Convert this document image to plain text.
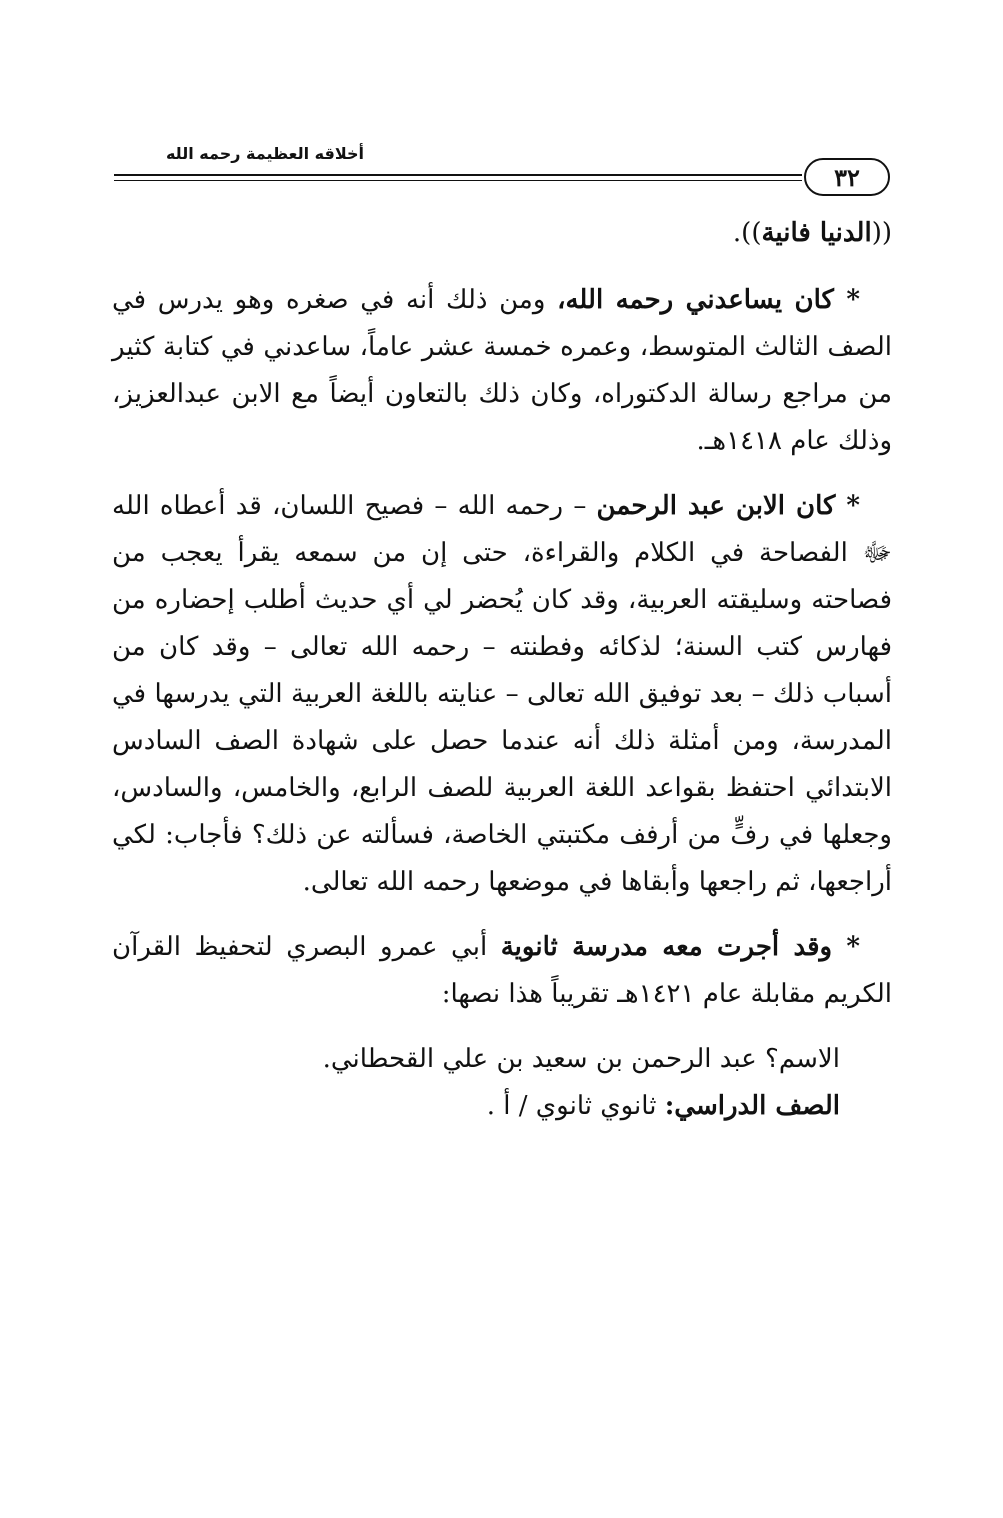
أخلاقه العظيمة رحمه الله
٣٢

((الدنيا فانية)).

* كان يساعدني رحمه الله، ومن ذلك أنه في صغره وهو يدرس في الصف الثالث المتوسط، وعمره خمسة عشر عاماً، ساعدني في كتابة كثير من مراجع رسالة الدكتوراه، وكان ذلك بالتعاون أيضاً مع الابن عبدالعزيز، وذلك عام ١٤١٨هـ.

* كان الابن عبد الرحمن – رحمه الله – فصيح اللسان، قد أعطاه الله ﷻ الفصاحة في الكلام والقراءة، حتى إن من سمعه يقرأ يعجب من فصاحته وسليقته العربية، وقد كان يُحضر لي أي حديث أطلب إحضاره من فهارس كتب السنة؛ لذكائه وفطنته – رحمه الله تعالى – وقد كان من أسباب ذلك – بعد توفيق الله تعالى – عنايته باللغة العربية التي يدرسها في المدرسة، ومن أمثلة ذلك أنه عندما حصل على شهادة الصف السادس الابتدائي احتفظ بقواعد اللغة العربية للصف الرابع، والخامس، والسادس، وجعلها في رفٍّ من أرفف مكتبتي الخاصة، فسألته عن ذلك؟ فأجاب: لكي أراجعها، ثم راجعها وأبقاها في موضعها رحمه الله تعالى.

* وقد أجرت معه مدرسة ثانوية أبي عمرو البصري لتحفيظ القرآن الكريم مقابلة عام ١٤٢١هـ تقريباً هذا نصها:

الاسم؟ عبد الرحمن بن سعيد بن علي القحطاني.

الصف الدراسي: ثانوي ثانوي / أ .
